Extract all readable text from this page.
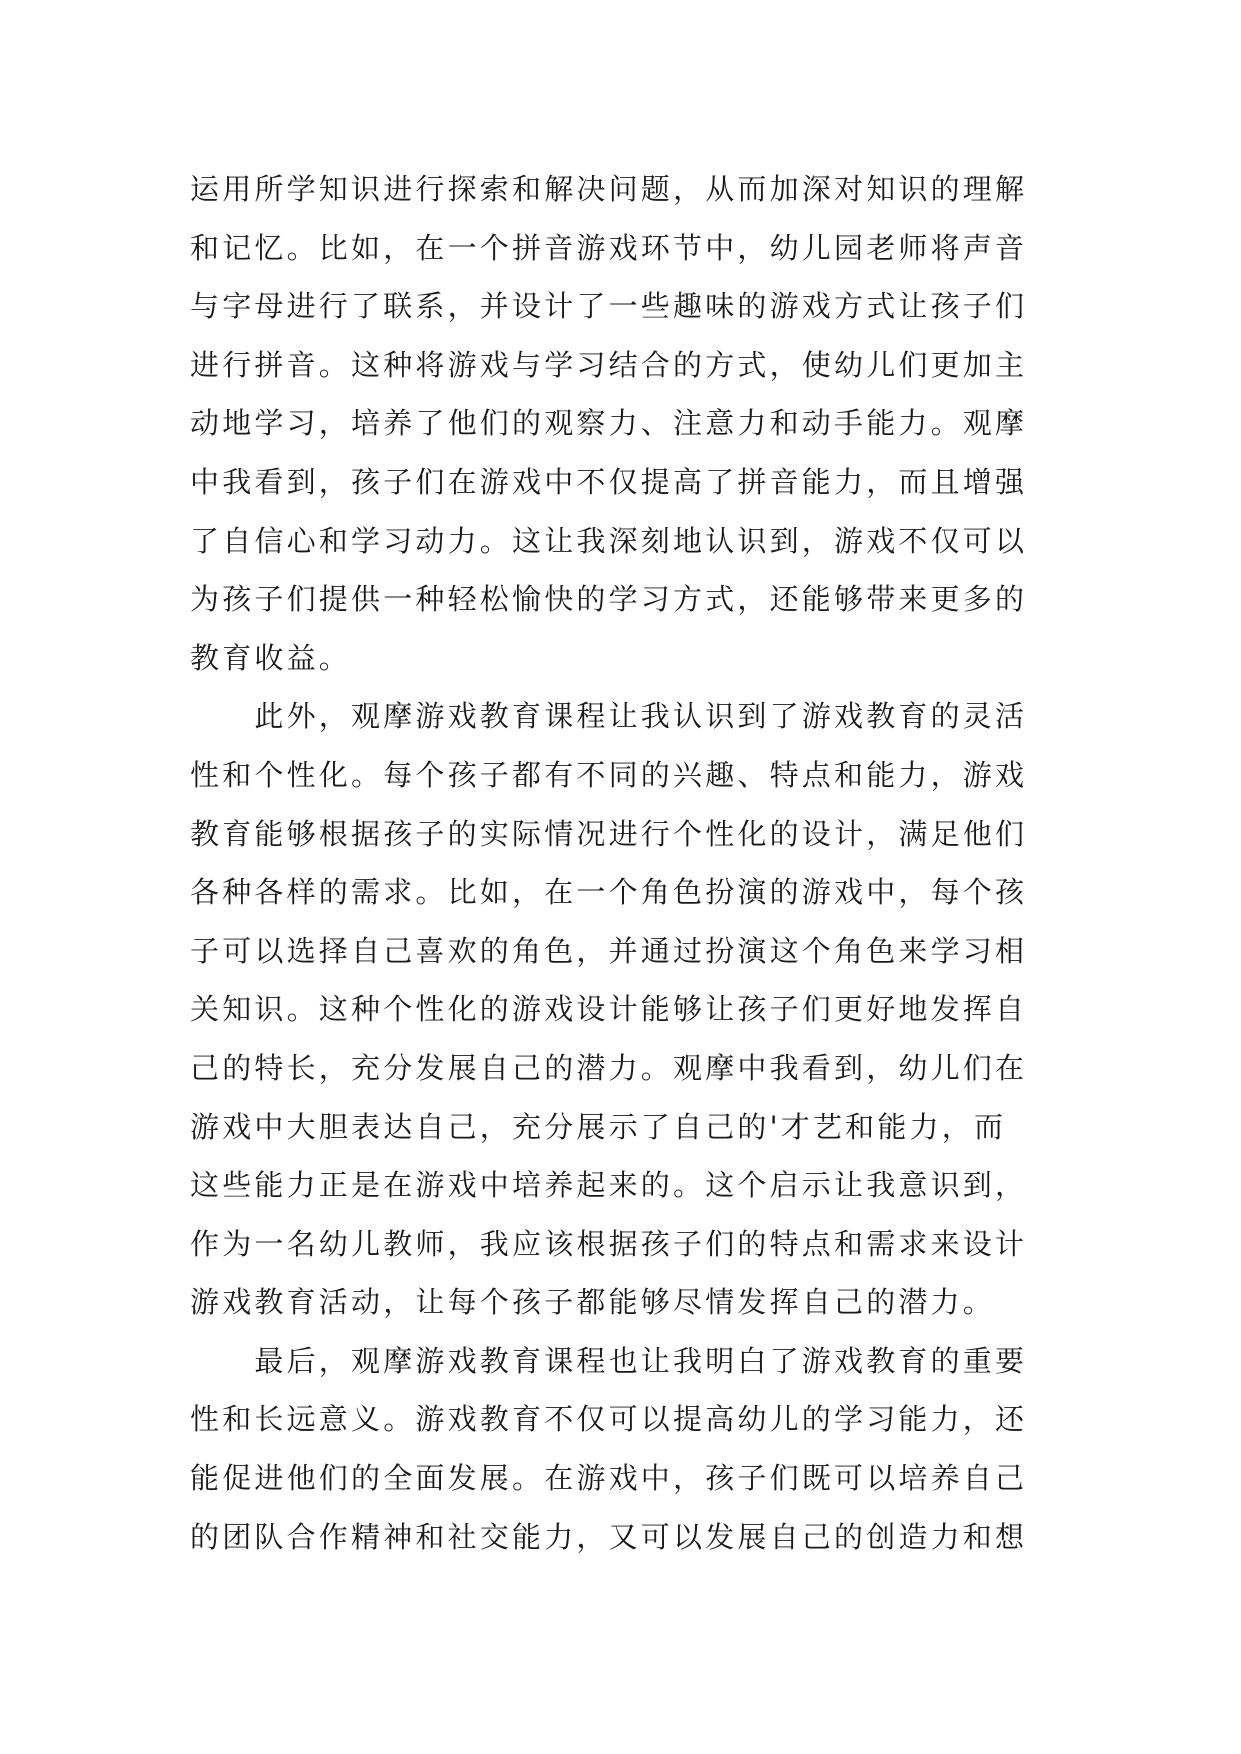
运用所学知识进行探索和解决问题，从而加深对知识的理解
和记忆。比如，在一个拼音游戏环节中，幼儿园老师将声音
与字母进行了联系，并设计了一些趣味的游戏方式让孩子们
进行拼音。这种将游戏与学习结合的方式，使幼儿们更加主
动地学习，培养了他们的观察力、注意力和动手能力。观摩
中我看到，孩子们在游戏中不仅提高了拼音能力，而且增强
了自信心和学习动力。这让我深刻地认识到，游戏不仅可以
为孩子们提供一种轻松愉快的学习方式，还能够带来更多的
教育收益。
　　此外，观摩游戏教育课程让我认识到了游戏教育的灵活
性和个性化。每个孩子都有不同的兴趣、特点和能力，游戏
教育能够根据孩子的实际情况进行个性化的设计，满足他们
各种各样的需求。比如，在一个角色扮演的游戏中，每个孩
子可以选择自己喜欢的角色，并通过扮演这个角色来学习相
关知识。这种个性化的游戏设计能够让孩子们更好地发挥自
己的特长，充分发展自己的潜力。观摩中我看到，幼儿们在
游戏中大胆表达自己，充分展示了自己的'才艺和能力，而
这些能力正是在游戏中培养起来的。这个启示让我意识到，
作为一名幼儿教师，我应该根据孩子们的特点和需求来设计
游戏教育活动，让每个孩子都能够尽情发挥自己的潜力。
　　最后，观摩游戏教育课程也让我明白了游戏教育的重要
性和长远意义。游戏教育不仅可以提高幼儿的学习能力，还
能促进他们的全面发展。在游戏中，孩子们既可以培养自己
的团队合作精神和社交能力，又可以发展自己的创造力和想
